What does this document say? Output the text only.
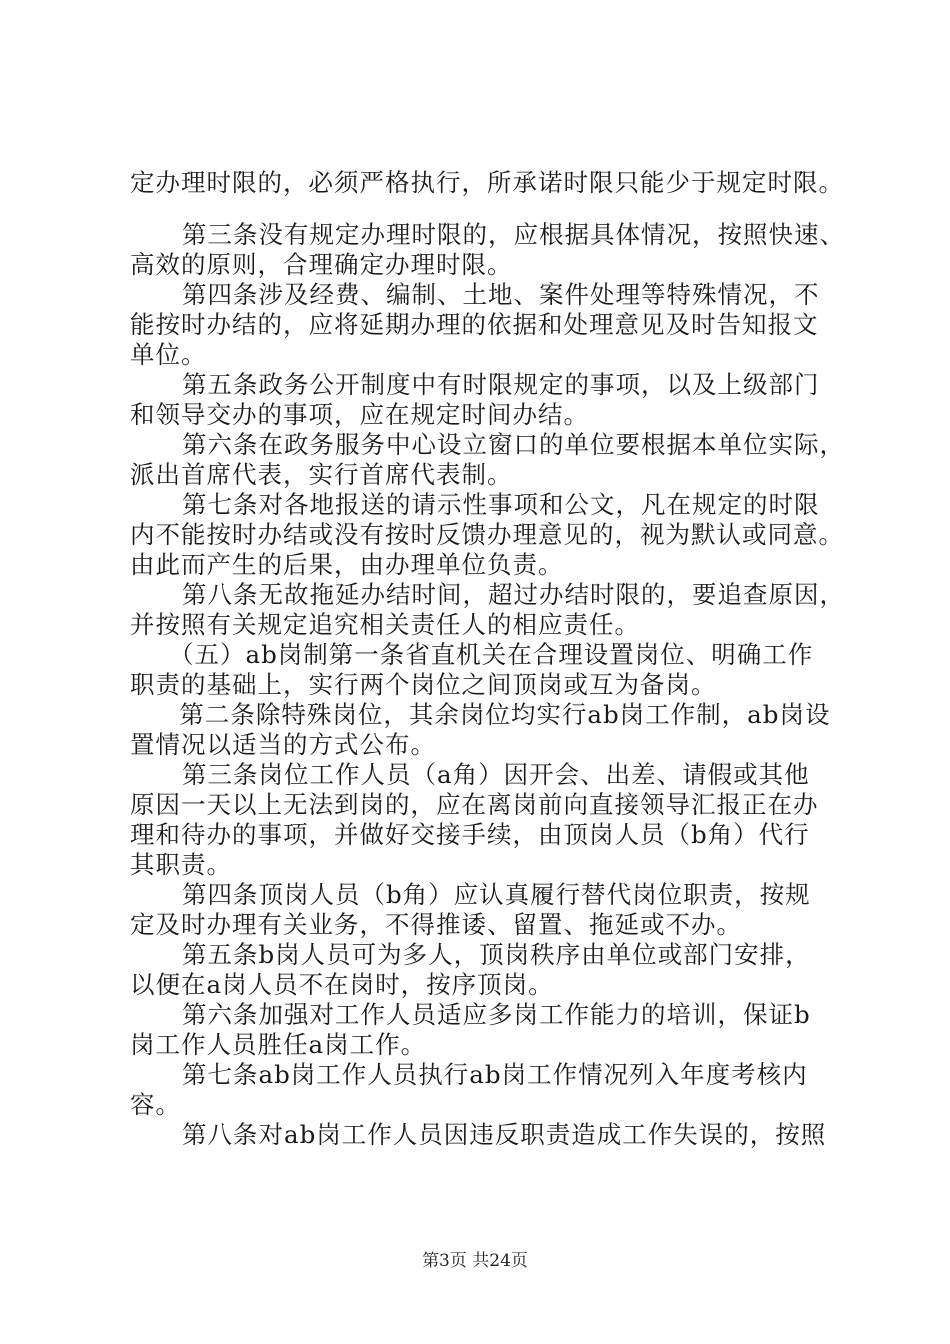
定办理时限的，必须严格执行，所承诺时限只能少于规定时限。
第三条没有规定办理时限的，应根据具体情况，按照快速、
高效的原则，合理确定办理时限。
第四条涉及经费、编制、土地、案件处理等特殊情况，不
能按时办结的，应将延期办理的依据和处理意见及时告知报文
单位。
第五条政务公开制度中有时限规定的事项，以及上级部门
和领导交办的事项，应在规定时间办结。
第六条在政务服务中心设立窗口的单位要根据本单位实际，
派出首席代表，实行首席代表制。
第七条对各地报送的请示性事项和公文，凡在规定的时限
内不能按时办结或没有按时反馈办理意见的，视为默认或同意。
由此而产生的后果，由办理单位负责。
第八条无故拖延办结时间，超过办结时限的，要追查原因，
并按照有关规定追究相关责任人的相应责任。
（五）ab岗制第一条省直机关在合理设置岗位、明确工作
职责的基础上，实行两个岗位之间顶岗或互为备岗。
第二条除特殊岗位，其余岗位均实行ab岗工作制，ab岗设
置情况以适当的方式公布。
第三条岗位工作人员（a角）因开会、出差、请假或其他
原因一天以上无法到岗的，应在离岗前向直接领导汇报正在办
理和待办的事项，并做好交接手续，由顶岗人员（b角）代行
其职责。
第四条顶岗人员（b角）应认真履行替代岗位职责，按规
定及时办理有关业务，不得推诿、留置、拖延或不办。
第五条b岗人员可为多人，顶岗秩序由单位或部门安排，
以便在a岗人员不在岗时，按序顶岗。
第六条加强对工作人员适应多岗工作能力的培训，保证b
岗工作人员胜任a岗工作。
第七条ab岗工作人员执行ab岗工作情况列入年度考核内
容。
第八条对ab岗工作人员因违反职责造成工作失误的，按照
第3页 共24页
